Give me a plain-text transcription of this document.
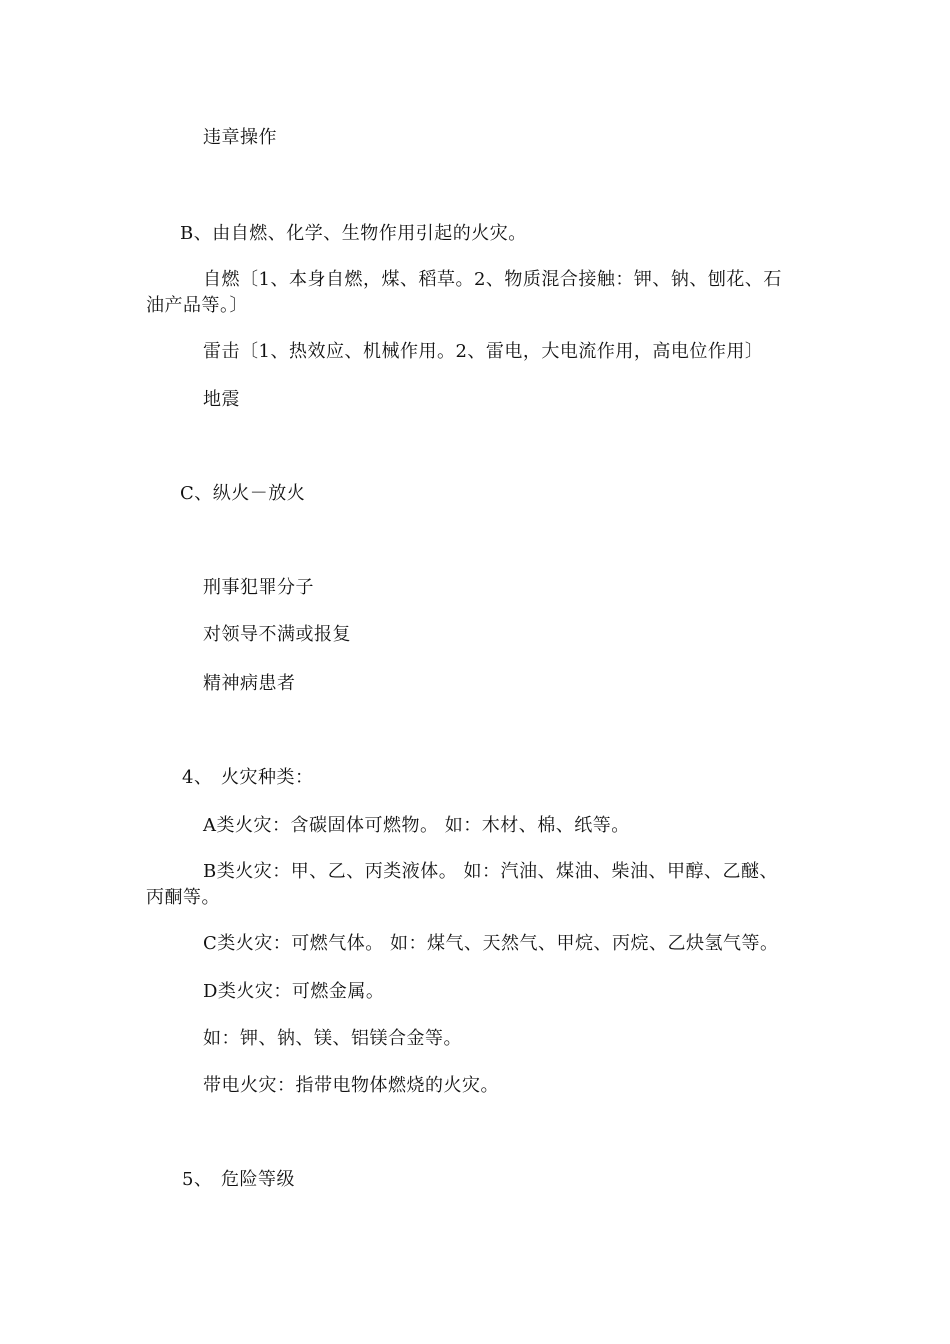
违章操作

B、由自燃、化学、生物作用引起的火灾。

自燃〔1、本身自燃，煤、稻草。2、物质混合接触：钾、钠、刨花、石

油产品等。〕

雷击〔1、热效应、机械作用。2、雷电，大电流作用，高电位作用〕

地震

C、纵火－放火

刑事犯罪分子

对领导不满或报复

精神病患者

4、 火灾种类：

A类火灾：含碳固体可燃物。 如：木材、棉、纸等。

B类火灾：甲、乙、丙类液体。 如：汽油、煤油、柴油、甲醇、乙醚、

丙酮等。

C类火灾：可燃气体。 如：煤气、天然气、甲烷、丙烷、乙炔氢气等。

D类火灾：可燃金属。

如：钾、钠、镁、铝镁合金等。

带电火灾：指带电物体燃烧的火灾。

5、 危险等级
